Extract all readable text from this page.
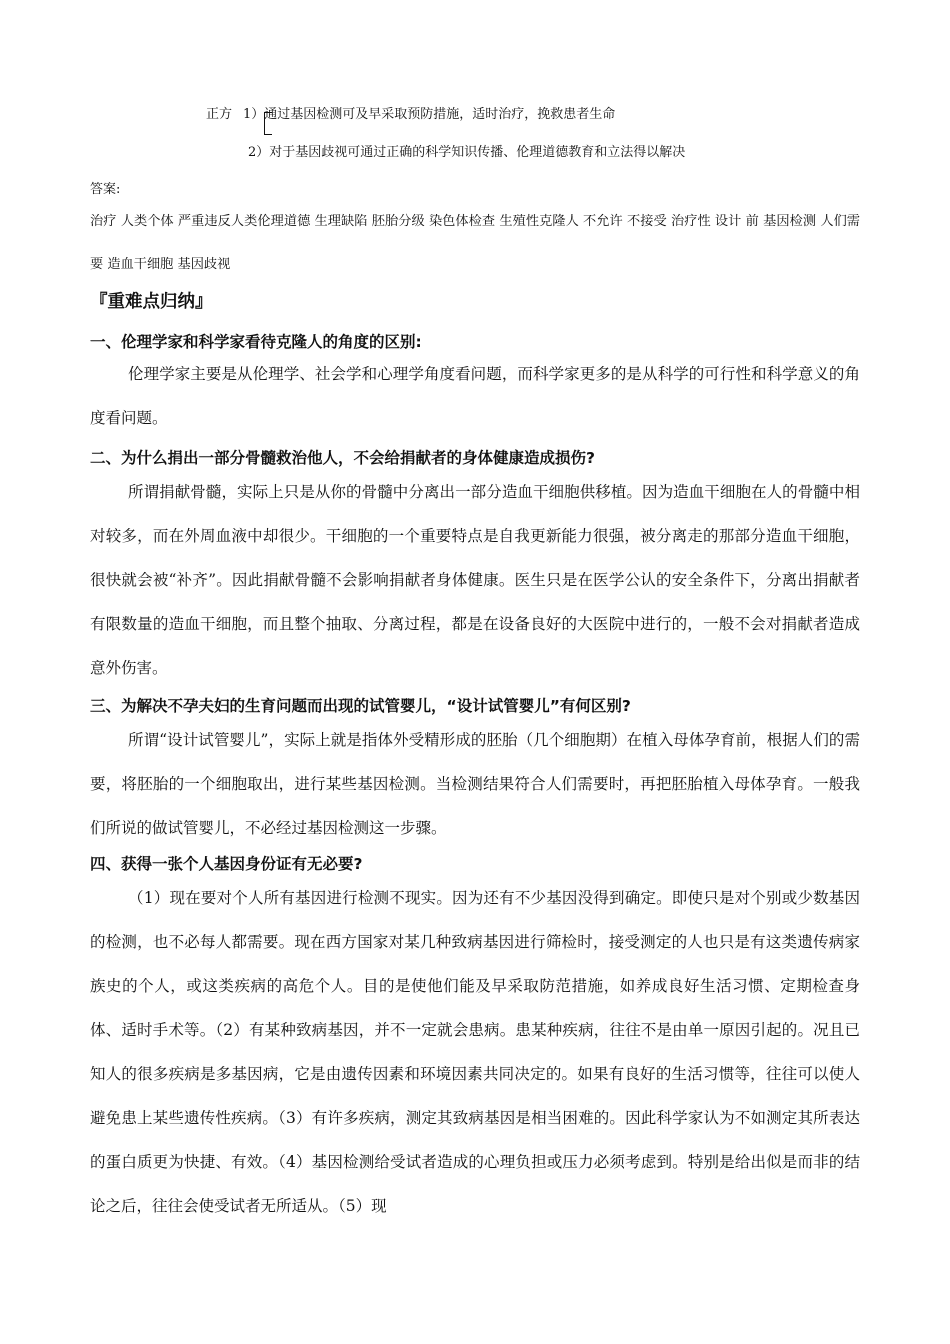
正方 1）通过基因检测可及早采取预防措施，适时治疗，挽救患者生命
2）对于基因歧视可通过正确的科学知识传播、伦理道德教育和立法得以解决
答案:
治疗 人类个体 严重违反人类伦理道德 生理缺陷 胚胎分级 染色体检查 生殖性克隆人 不允许 不接受 治疗性 设计 前 基因检测 人们需要 造血干细胞 基因歧视
『重难点归纳』
一、伦理学家和科学家看待克隆人的角度的区别:
伦理学家主要是从伦理学、社会学和心理学角度看问题，而科学家更多的是从科学的可行性和科学意义的角度看问题。
二、为什么捐出一部分骨髓救治他人，不会给捐献者的身体健康造成损伤?
所谓捐献骨髓，实际上只是从你的骨髓中分离出一部分造血干细胞供移植。因为造血干细胞在人的骨髓中相对较多，而在外周血液中却很少。干细胞的一个重要特点是自我更新能力很强，被分离走的那部分造血干细胞，很快就会被“补齐”。因此捐献骨髓不会影响捐献者身体健康。医生只是在医学公认的安全条件下，分离出捐献者有限数量的造血干细胞，而且整个抽取、分离过程，都是在设备良好的大医院中进行的，一般不会对捐献者造成意外伤害。
三、为解决不孕夫妇的生育问题而出现的试管婴儿，“设计试管婴儿”有何区别?
所谓“设计试管婴儿”，实际上就是指体外受精形成的胚胎（几个细胞期）在植入母体孕育前，根据人们的需要，将胚胎的一个细胞取出，进行某些基因检测。当检测结果符合人们需要时，再把胚胎植入母体孕育。一般我们所说的做试管婴儿，不必经过基因检测这一步骤。
四、获得一张个人基因身份证有无必要?
（1）现在要对个人所有基因进行检测不现实。因为还有不少基因没得到确定。即使只是对个别或少数基因的检测，也不必每人都需要。现在西方国家对某几种致病基因进行筛检时，接受测定的人也只是有这类遗传病家族史的个人，或这类疾病的高危个人。目的是使他们能及早采取防范措施，如养成良好生活习惯、定期检查身体、适时手术等。（2）有某种致病基因，并不一定就会患病。患某种疾病，往往不是由单一原因引起的。况且已知人的很多疾病是多基因病，它是由遗传因素和环境因素共同决定的。如果有良好的生活习惯等，往往可以使人避免患上某些遗传性疾病。（3）有许多疾病，测定其致病基因是相当困难的。因此科学家认为不如测定其所表达的蛋白质更为快捷、有效。（4）基因检测给受试者造成的心理负担或压力必须考虑到。特别是给出似是而非的结论之后，往往会使受试者无所适从。（5）现
